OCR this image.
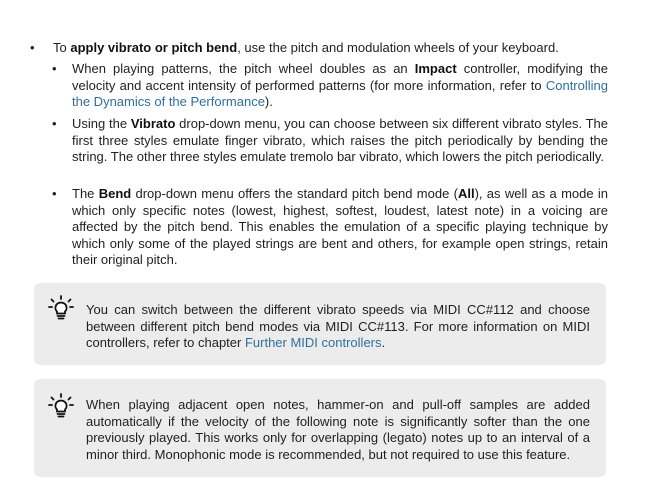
•	To apply vibrato or pitch bend, use the pitch and modulation wheels of your keyboard.
•	When playing patterns, the pitch wheel doubles as an Impact controller, modifying the velocity and accent intensity of performed patterns (for more information, refer to Controlling the Dynamics of the Performance).
•	Using the Vibrato drop-down menu, you can choose between six different vibrato styles. The first three styles emulate finger vibrato, which raises the pitch periodically by bending the string. The other three styles emulate tremolo bar vibrato, which lowers the pitch periodically.
•	The Bend drop-down menu offers the standard pitch bend mode (All), as well as a mode in which only specific notes (lowest, highest, softest, loudest, latest note) in a voicing are affected by the pitch bend. This enables the emulation of a specific playing technique by which only some of the played strings are bent and others, for example open strings, retain their original pitch.
You can switch between the different vibrato speeds via MIDI CC#112 and choose between different pitch bend modes via MIDI CC#113. For more information on MIDI controllers, refer to chapter Further MIDI controllers.
When playing adjacent open notes, hammer-on and pull-off samples are added automatically if the velocity of the following note is significantly softer than the one previously played. This works only for overlapping (legato) notes up to an interval of a minor third. Monophonic mode is recommended, but not required to use this feature.
